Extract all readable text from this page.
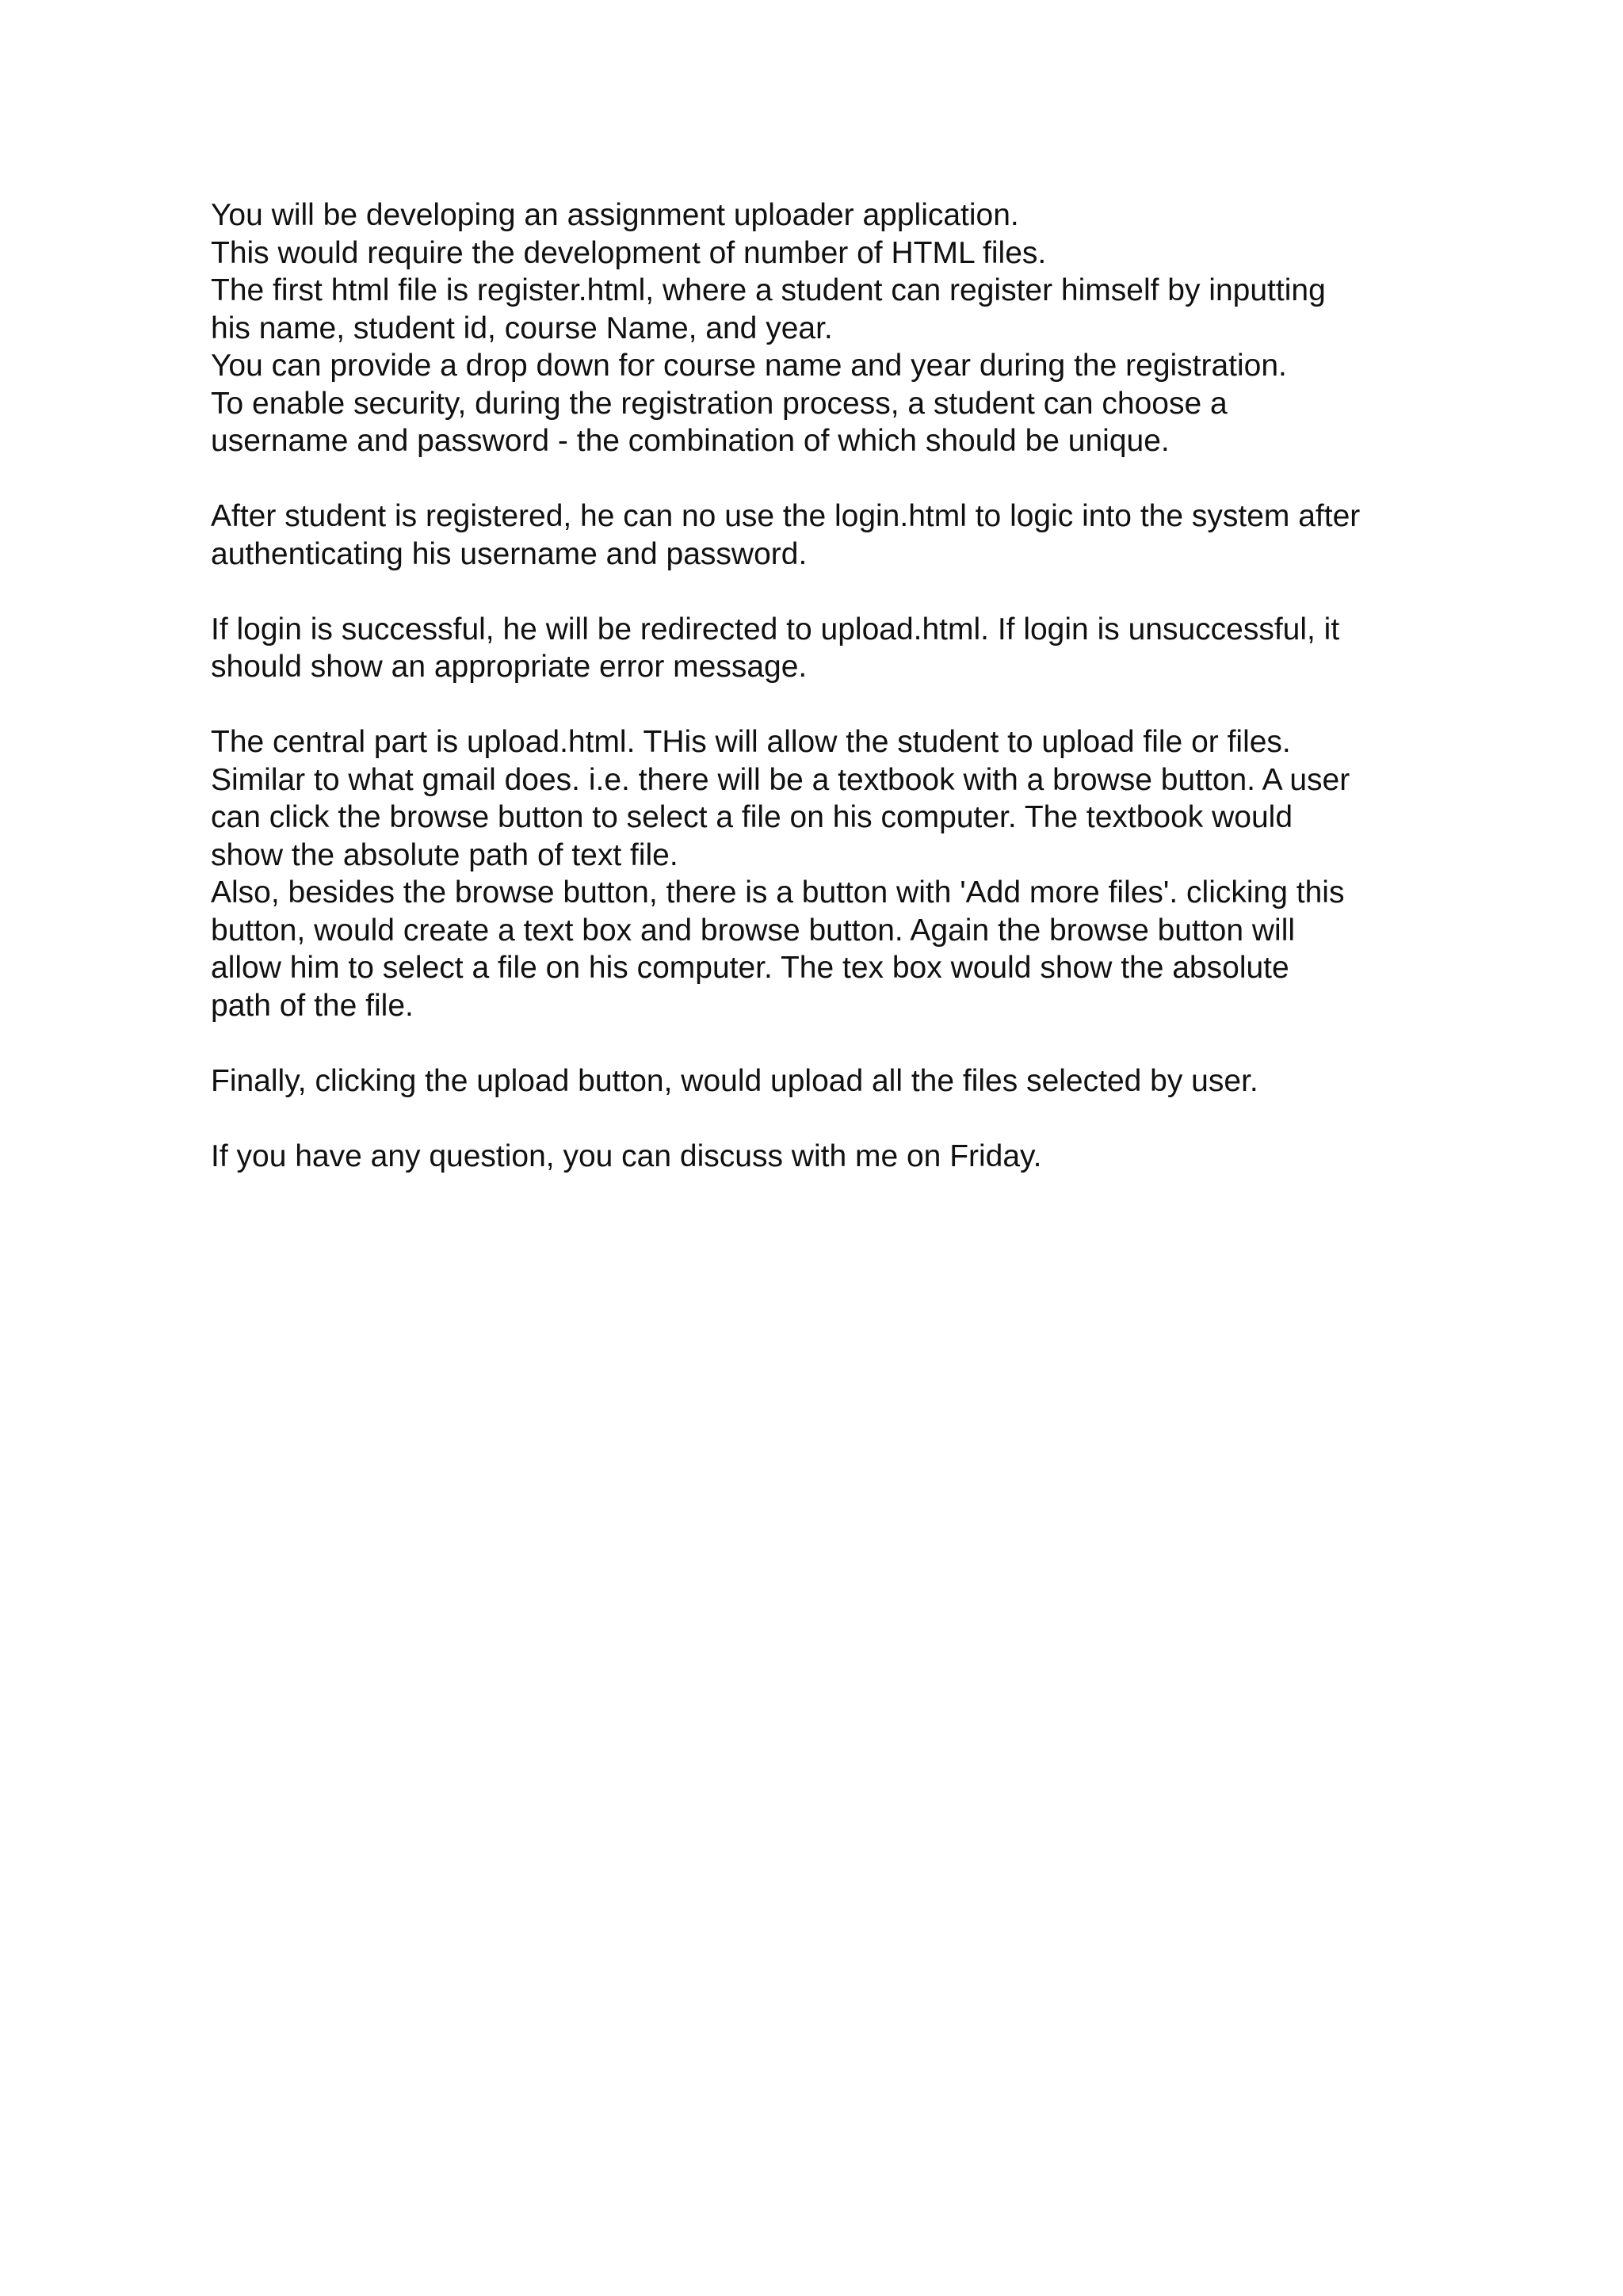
You will be developing an assignment uploader application.
This would require the development of number of HTML files.
The first html file is register.html, where a student can register himself by inputting
his name, student id, course Name, and year.
You can provide a drop down for course name and year during the registration.
To enable security, during the registration process, a student can choose a
username and password - the combination of which should be unique.

After student is registered, he can no use the login.html to logic into the system after
authenticating his username and password.

If login is successful, he will be redirected to upload.html. If login is unsuccessful, it
should show an appropriate error message.

The central part is upload.html. THis will allow the student to upload file or files.
Similar to what gmail does. i.e. there will be a textbook with a browse button. A user
can click the browse button to select a file on his computer. The textbook would
show the absolute path of text file.
Also, besides the browse button, there is a button with 'Add more files'. clicking this
button, would create a text box and browse button. Again the browse button will
allow him to select a file on his computer. The tex box would show the absolute
path of the file.

Finally, clicking the upload button, would upload all the files selected by user.

If you have any question, you can discuss with me on Friday.
